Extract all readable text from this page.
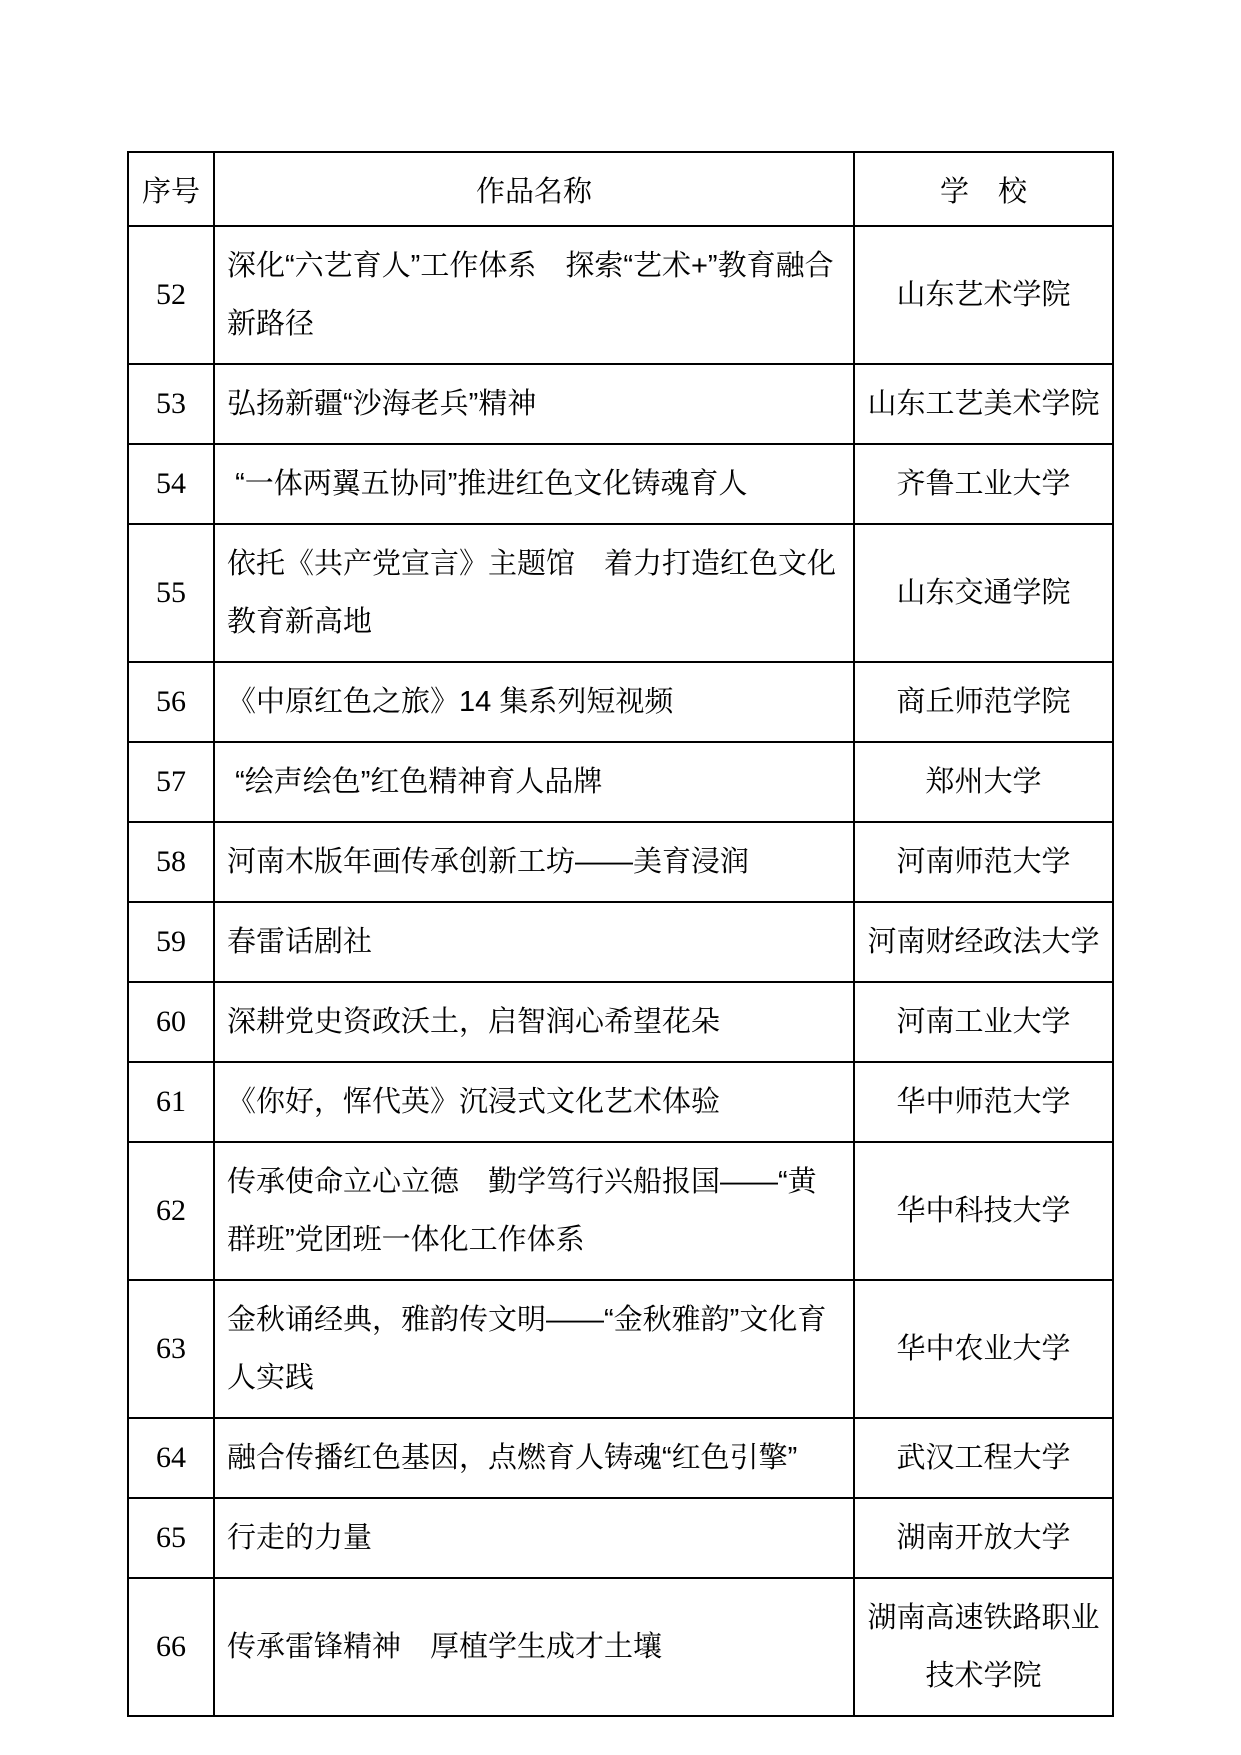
序号	作品名称	学　校
52	深化“六艺育人”工作体系　探索“艺术+”教育融合新路径	山东艺术学院
53	弘扬新疆“沙海老兵”精神	山东工艺美术学院
54	“一体两翼五协同”推进红色文化铸魂育人	齐鲁工业大学
55	依托《共产党宣言》主题馆　着力打造红色文化教育新高地	山东交通学院
56	《中原红色之旅》14 集系列短视频	商丘师范学院
57	“绘声绘色”红色精神育人品牌	郑州大学
58	河南木版年画传承创新工坊——美育浸润	河南师范大学
59	春雷话剧社	河南财经政法大学
60	深耕党史资政沃土，启智润心希望花朵	河南工业大学
61	《你好，恽代英》沉浸式文化艺术体验	华中师范大学
62	传承使命立心立德　勤学笃行兴船报国——“黄群班”党团班一体化工作体系	华中科技大学
63	金秋诵经典，雅韵传文明——“金秋雅韵”文化育人实践	华中农业大学
64	融合传播红色基因，点燃育人铸魂“红色引擎”	武汉工程大学
65	行走的力量	湖南开放大学
66	传承雷锋精神　厚植学生成才土壤	湖南高速铁路职业技术学院
